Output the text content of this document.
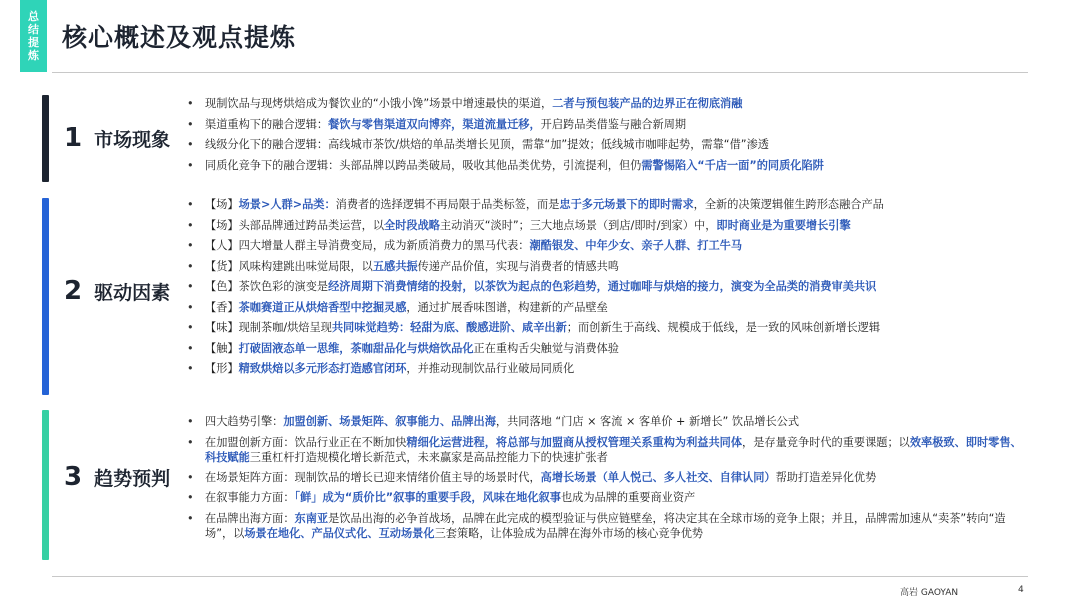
总结提炼
核心概述及观点提炼
1 市场现象
• 现制饮品与现烤烘焙成为餐饮业的“小饿小馋”场景中增速最快的渠道，二者与预包装产品的边界正在彻底消融
• 渠道重构下的融合逻辑：餐饮与零售渠道双向博弈，渠道流量迁移，开启跨品类借鉴与融合新周期
• 线级分化下的融合逻辑：高线城市茶饮/烘焙的单品类增长见顶，需靠“加”提效；低线城市咖啡起势，需靠“借”渗透
• 同质化竞争下的融合逻辑：头部品牌以跨品类破局，吸收其他品类优势，引流提利，但仍需警惕陷入“千店一面”的同质化陷阱
2 驱动因素
• 【场】场景>人群>品类：消费者的选择逻辑不再局限于品类标签，而是忠于多元场景下的即时需求，全新的决策逻辑催生跨形态融合产品
• 【场】头部品牌通过跨品类运营，以全时段战略主动消灭“淡时”；三大地点场景（到店/即时/到家）中，即时商业是为重要增长引擎
• 【人】四大增量人群主导消费变局，成为新质消费力的黑马代表：潮酷银发、中年少女、亲子人群、打工牛马
• 【货】风味构建跳出味觉局限，以五感共振传递产品价值，实现与消费者的情感共鸣
• 【色】茶饮色彩的演变是经济周期下消费情绪的投射，以茶饮为起点的色彩趋势，通过咖啡与烘焙的接力，演变为全品类的消费审美共识
• 【香】茶咖赛道正从烘焙香型中挖掘灵感，通过扩展香味图谱，构建新的产品壁垒
• 【味】现制茶咖/烘焙呈现共同味觉趋势：轻甜为底、酸感进阶、咸辛出新；而创新生于高线、规模成于低线，是一致的风味创新增长逻辑
• 【触】打破固液态单一思维，茶咖甜品化与烘焙饮品化正在重构舌尖触觉与消费体验
• 【形】精致烘焙以多元形态打造感官闭环，并推动现制饮品行业破局同质化
3 趋势预判
• 四大趋势引擎：加盟创新、场景矩阵、叙事能力、品牌出海，共同落地 “门店 × 客流 × 客单价 + 新增长” 饮品增长公式
• 在加盟创新方面：饮品行业正在不断加快精细化运营进程，将总部与加盟商从授权管理关系重构为利益共同体，是存量竞争时代的重要课题；以效率极致、即时零售、科技赋能三重杠杆打造规模化增长新范式，未来赢家是高品控能力下的快速扩张者
• 在场景矩阵方面：现制饮品的增长已迎来情绪价值主导的场景时代，高增长场景（单人悦己、多人社交、自律认同）帮助打造差异化优势
• 在叙事能力方面：「鲜」成为“质价比”叙事的重要手段，风味在地化叙事也成为品牌的重要商业资产
• 在品牌出海方面：东南亚是饮品出海的必争首战场，品牌在此完成的模型验证与供应链壁垒，将决定其在全球市场的竞争上限；并且，品牌需加速从“卖茶”转向“造场”，以场景在地化、产品仪式化、互动场景化三套策略，让体验成为品牌在海外市场的核心竞争优势
高岩 GAOYAN	4
